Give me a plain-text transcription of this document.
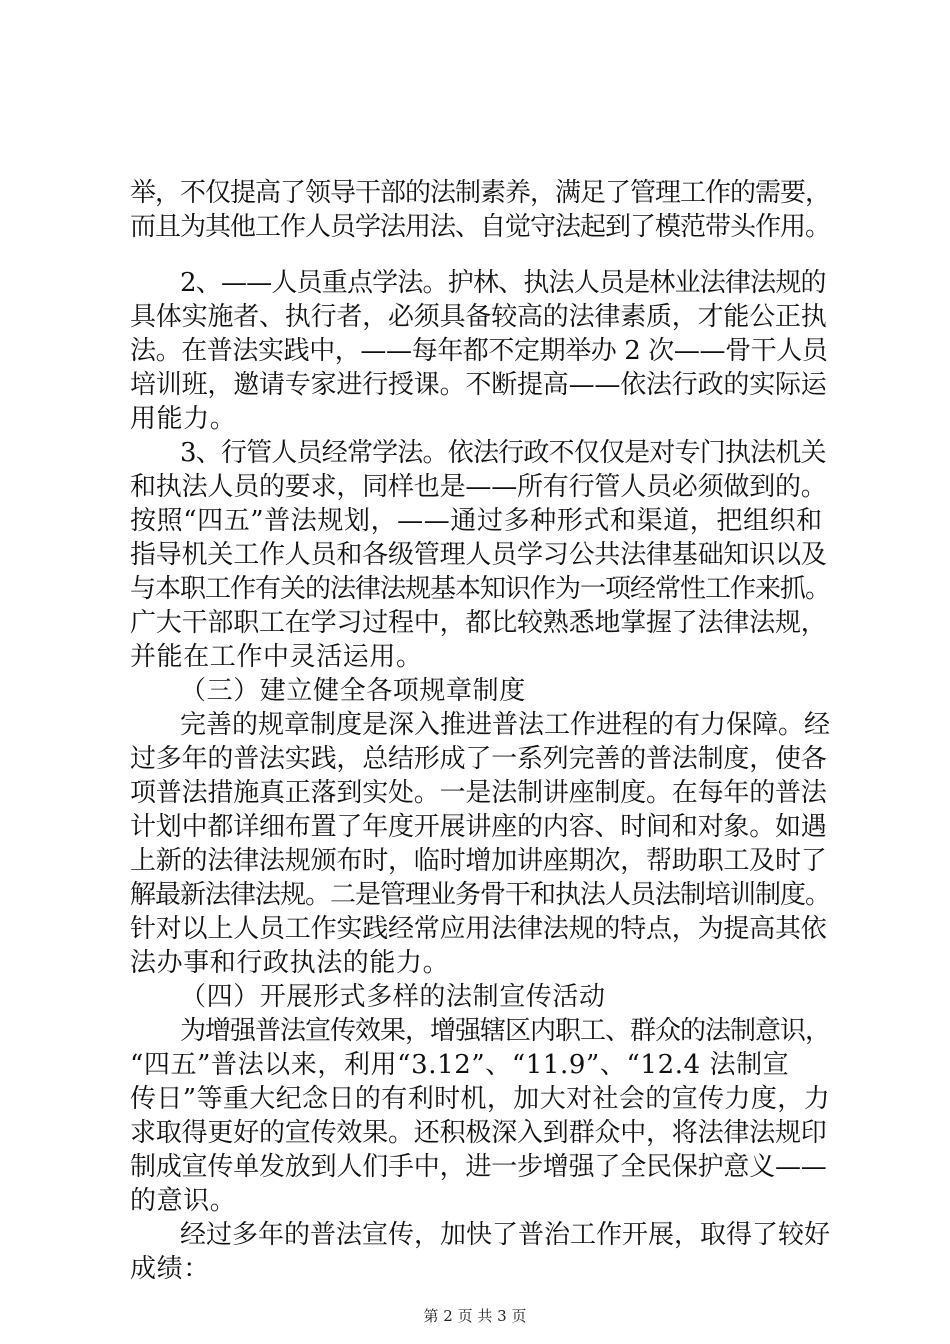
举，不仅提高了领导干部的法制素养，满足了管理工作的需要，
而且为其他工作人员学法用法、自觉守法起到了模范带头作用。
2、——人员重点学法。护林、执法人员是林业法律法规的
具体实施者、执行者，必须具备较高的法律素质，才能公正执
法。在普法实践中，——每年都不定期举办 2 次——骨干人员
培训班，邀请专家进行授课。不断提高——依法行政的实际运
用能力。
3、行管人员经常学法。依法行政不仅仅是对专门执法机关
和执法人员的要求，同样也是——所有行管人员必须做到的。
按照“四五”普法规划，——通过多种形式和渠道，把组织和
指导机关工作人员和各级管理人员学习公共法律基础知识以及
与本职工作有关的法律法规基本知识作为一项经常性工作来抓。
广大干部职工在学习过程中，都比较熟悉地掌握了法律法规，
并能在工作中灵活运用。
（三）建立健全各项规章制度
完善的规章制度是深入推进普法工作进程的有力保障。经
过多年的普法实践，总结形成了一系列完善的普法制度，使各
项普法措施真正落到实处。一是法制讲座制度。在每年的普法
计划中都详细布置了年度开展讲座的内容、时间和对象。如遇
上新的法律法规颁布时，临时增加讲座期次，帮助职工及时了
解最新法律法规。二是管理业务骨干和执法人员法制培训制度。
针对以上人员工作实践经常应用法律法规的特点，为提高其依
法办事和行政执法的能力。
（四）开展形式多样的法制宣传活动
为增强普法宣传效果，增强辖区内职工、群众的法制意识，
“四五”普法以来，利用“3.12”、“11.9”、“12.4 法制宣
传日”等重大纪念日的有利时机，加大对社会的宣传力度，力
求取得更好的宣传效果。还积极深入到群众中，将法律法规印
制成宣传单发放到人们手中，进一步增强了全民保护意义——
的意识。
经过多年的普法宣传，加快了普治工作开展，取得了较好
成绩：
第 2 页 共 3 页
